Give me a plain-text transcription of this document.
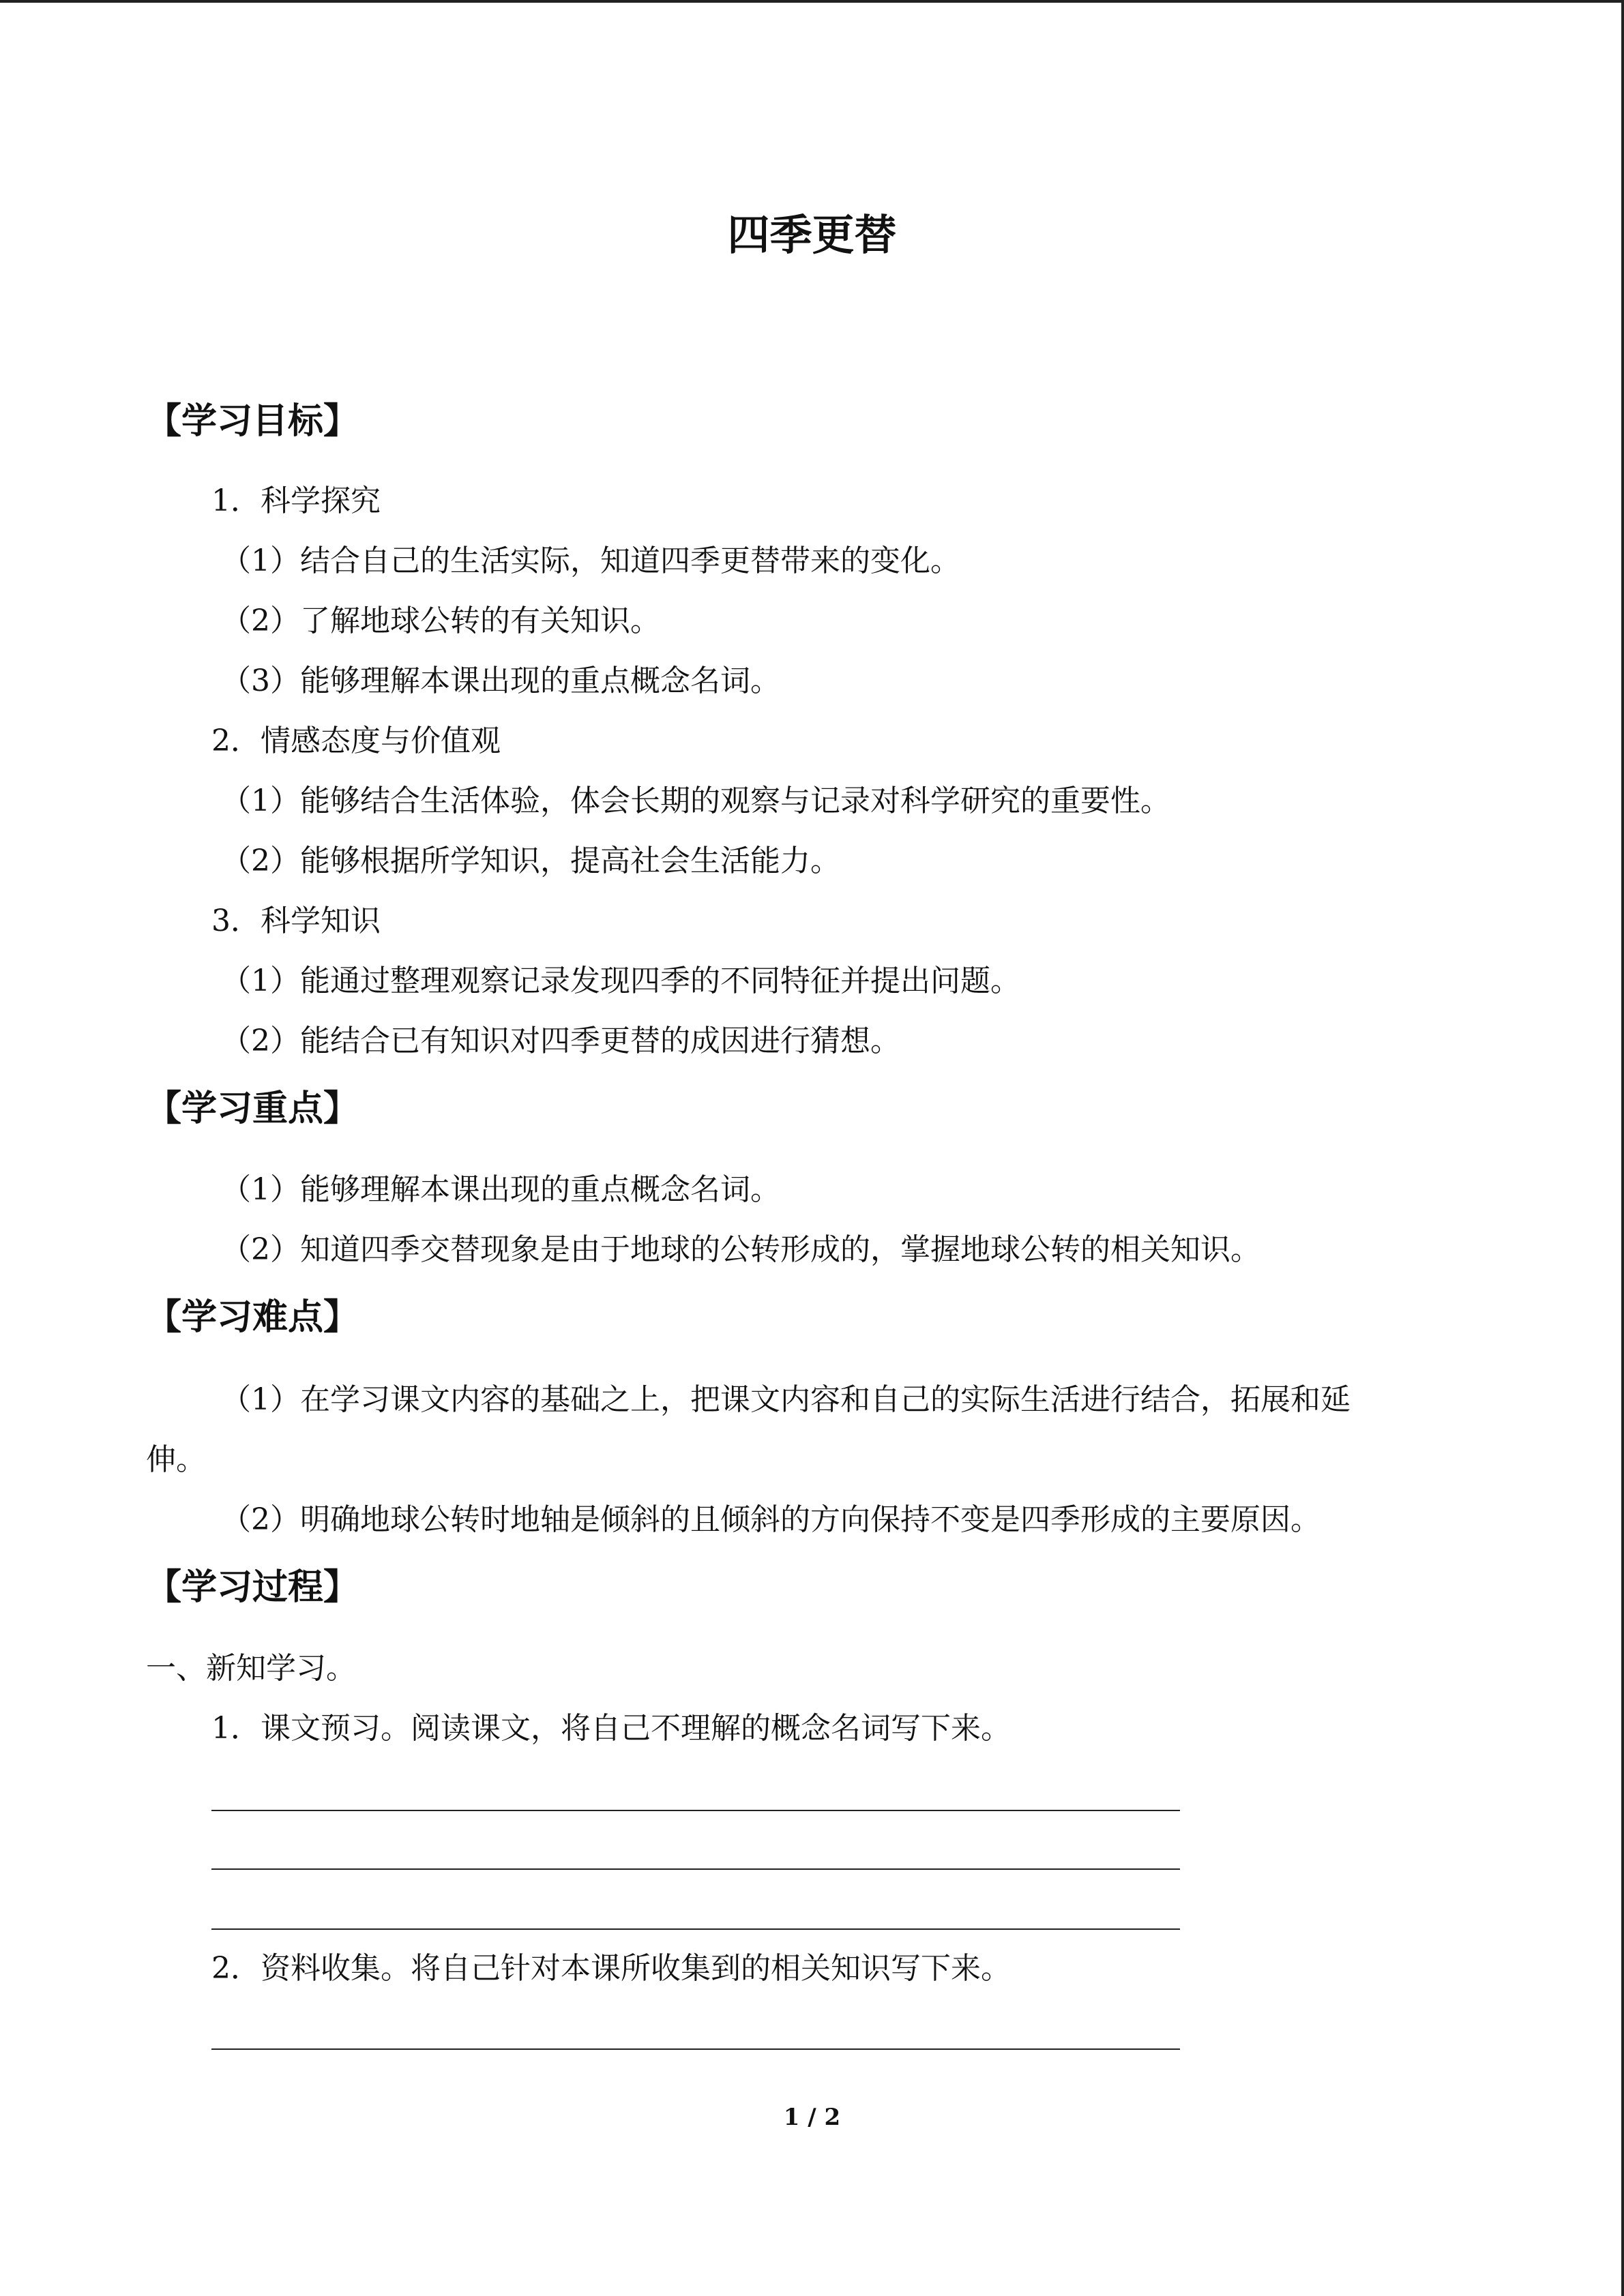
四季更替
【学习目标】
1．科学探究
（1）结合自己的生活实际，知道四季更替带来的变化。
（2）了解地球公转的有关知识。
（3）能够理解本课出现的重点概念名词。
2．情感态度与价值观
（1）能够结合生活体验，体会长期的观察与记录对科学研究的重要性。
（2）能够根据所学知识，提高社会生活能力。
3．科学知识
（1）能通过整理观察记录发现四季的不同特征并提出问题。
（2）能结合已有知识对四季更替的成因进行猜想。
【学习重点】
（1）能够理解本课出现的重点概念名词。
（2）知道四季交替现象是由于地球的公转形成的，掌握地球公转的相关知识。
【学习难点】
（1）在学习课文内容的基础之上，把课文内容和自己的实际生活进行结合，拓展和延
伸。
（2）明确地球公转时地轴是倾斜的且倾斜的方向保持不变是四季形成的主要原因。
【学习过程】
一、新知学习。
1．课文预习。阅读课文，将自己不理解的概念名词写下来。
2．资料收集。将自己针对本课所收集到的相关知识写下来。
1 / 2
